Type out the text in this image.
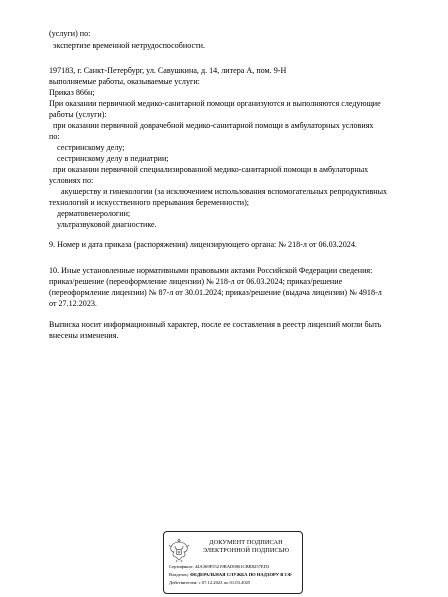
(услуги) по:

экспертизе временной нетрудоспособности.

197183, г. Санкт-Петербург, ул. Савушкина, д. 14, литера А, пом. 9-Н

выполняемые работы, оказываемые услуги:

Приказ 866н;

При оказании первичной медико-санитарной помощи организуются и выполняются следующие

работы (услуги):

при оказании первичной доврачебной медико-санитарной помощи в амбулаторных условиях

по:

сестринскому делу;

сестринскому делу в педиатрии;

при оказании первичной специализированной медико-санитарной помощи в амбулаторных

условиях по:

акушерству и гинекологии (за исключением использования вспомогательных репродуктивных

технологий и искусственного прерывания беременности);

дерматовенерологии;

ультразвуковой диагностике.

9. Номер и дата приказа (распоряжения) лицензирующего органа: № 218-л от 06.03.2024.

10. Иные установленные нормативными правовыми актами Российской Федерации сведения:

приказ/решение (переоформление лицензии) № 218-л от 06.03.2024; приказ/решение

(переоформление лицензии) № 87-л от 30.01.2024; приказ/решение (выдача лицензии) № 4918-л

от 27.12.2023.

Выписка носит информационный характер, после ее составления в реестр лицензий могли быть

внесены изменения.

ДОКУМЕНТ ПОДПИСАН
ЭЛЕКТРОННОЙ ПОДПИСЬЮ
Сертификат: 44A369F55219BAD0861CBB8257ED3
Владелец: ФЕДЕРАЛЬНАЯ СЛУЖБА ПО НАДЗОРУ В СФ
Действителен: с 07.12.2023 по 01.03.2025
